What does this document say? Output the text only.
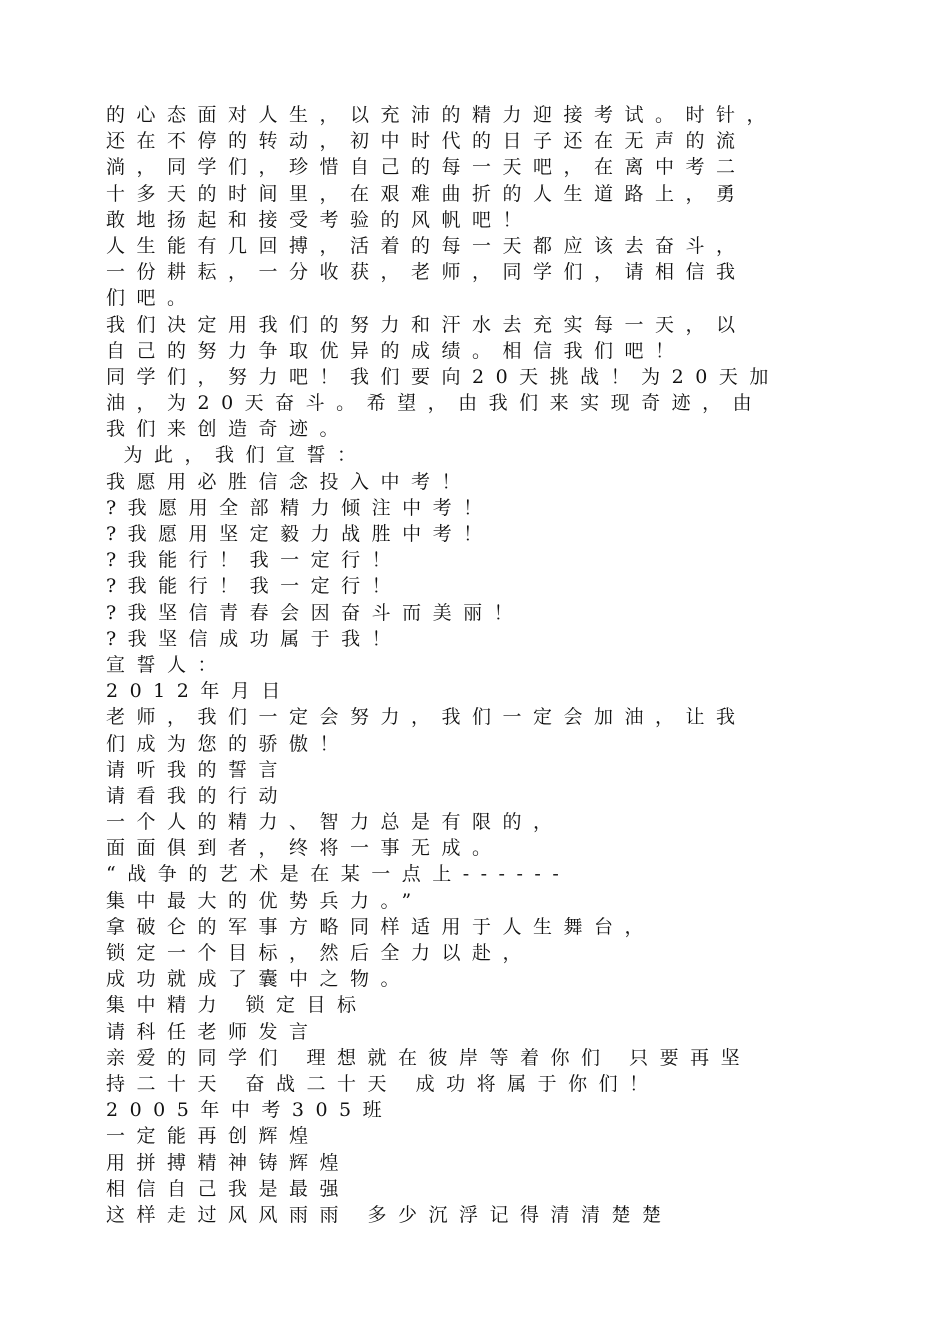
的心态面对人生，以充沛的精力迎接考试。时针，

还在不停的转动，初中时代的日子还在无声的流

淌，同学们，珍惜自己的每一天吧，在离中考二

十多天的时间里，在艰难曲折的人生道路上，勇

敢地扬起和接受考验的风帆吧！

人生能有几回搏，活着的每一天都应该去奋斗，

一份耕耘，一分收获，老师，同学们，请相信我

们吧。

我们决定用我们的努力和汗水去充实每一天，以

自己的努力争取优异的成绩。相信我们吧！

同学们，努力吧！我们要向20天挑战！为20天加

油，为20天奋斗。希望，由我们来实现奇迹，由

我们来创造奇迹。

为此，我们宣誓：

我愿用必胜信念投入中考！

?我愿用全部精力倾注中考！

?我愿用坚定毅力战胜中考！

?我能行！我一定行！

?我能行！我一定行！

?我坚信青春会因奋斗而美丽！

?我坚信成功属于我！

宣誓人：

2012年月日

老师，我们一定会努力，我们一定会加油，让我

们成为您的骄傲！

请听我的誓言

请看我的行动

一个人的精力、智力总是有限的，

面面俱到者，终将一事无成。

“战争的艺术是在某一点上------

集中最大的优势兵力。”

拿破仑的军事方略同样适用于人生舞台，

锁定一个目标，然后全力以赴，

成功就成了囊中之物。

集中精力 锁定目标

请科任老师发言

亲爱的同学们 理想就在彼岸等着你们 只要再坚

持二十天 奋战二十天 成功将属于你们！

2005年中考305班

一定能再创辉煌

用拼搏精神铸辉煌

相信自己我是最强

这样走过风风雨雨 多少沉浮记得清清楚楚
